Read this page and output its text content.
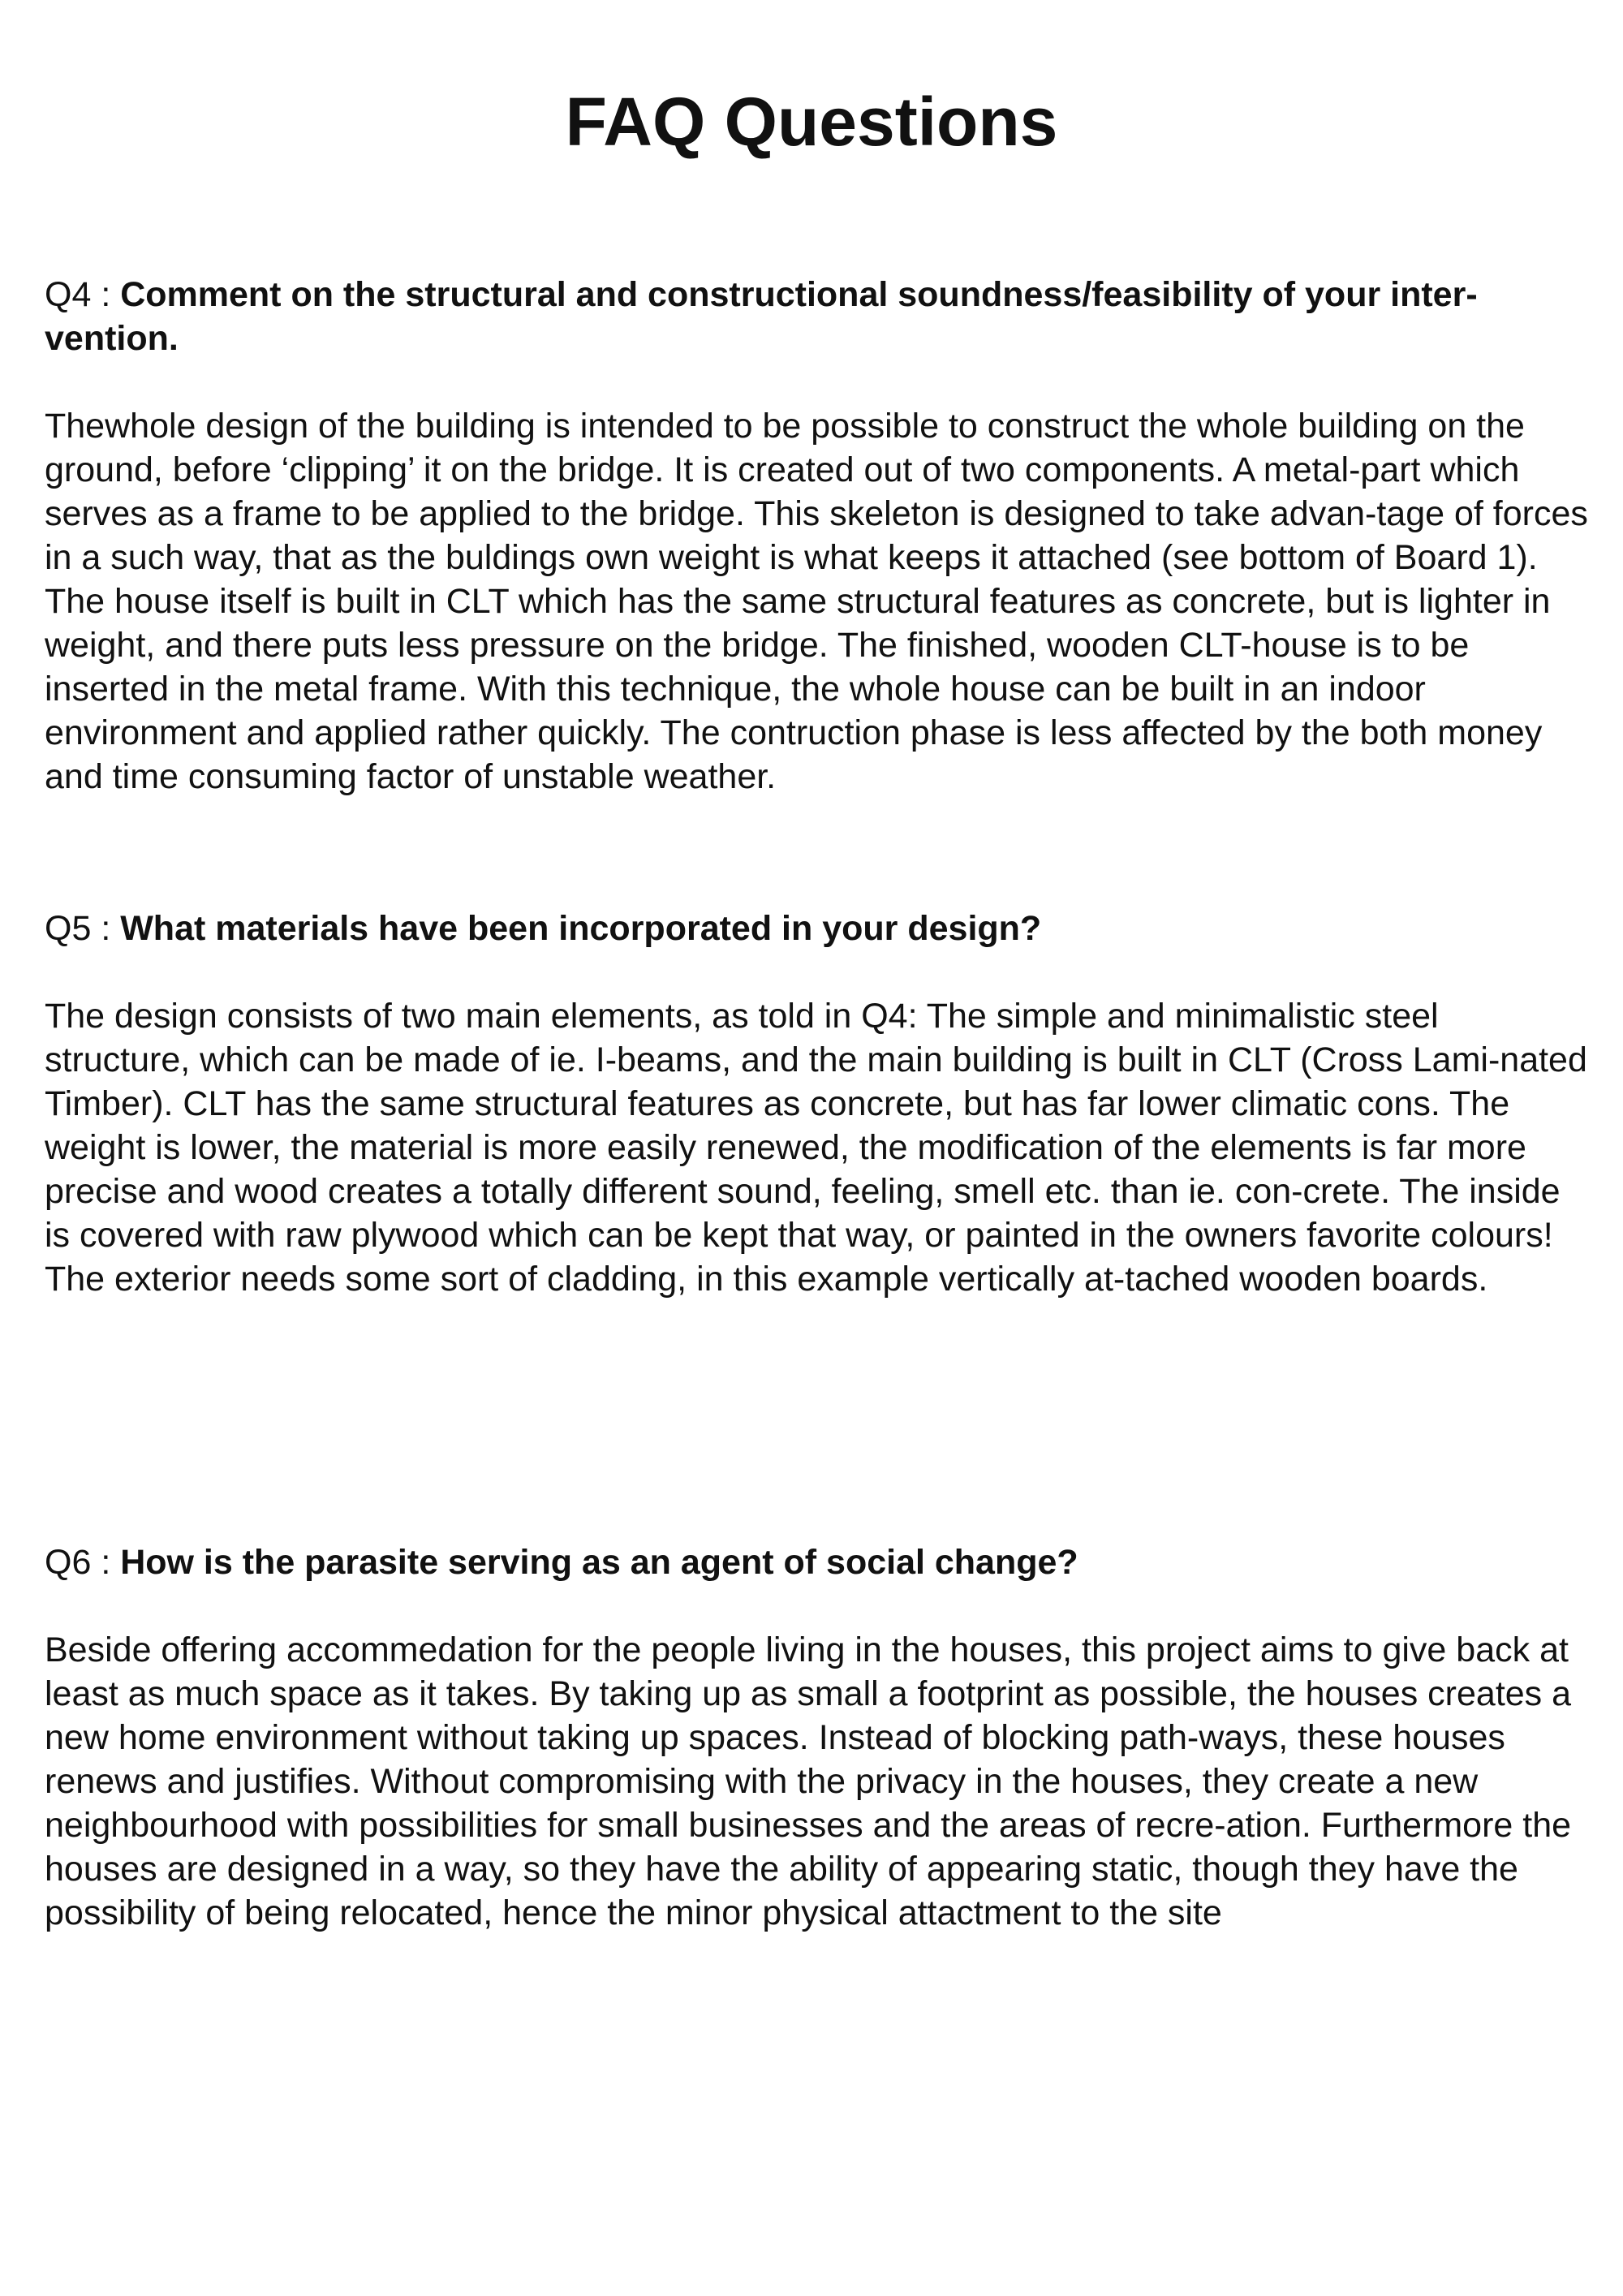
FAQ Questions

Q4 : Comment on the structural and constructional soundness/feasibility of your inter-vention.

Thewhole design of the building is intended to be possible to construct the whole building on the ground, before ‘clipping’ it on the bridge. It is created out of two components. A metal-part which serves as a frame to be applied to the bridge. This skeleton is designed to take advan-tage of forces in a such way, that as the buldings own weight is what keeps it attached (see bottom of Board 1). The house itself is built in CLT which has the same structural features as concrete, but is lighter in weight, and there puts less pressure on the bridge. The finished, wooden CLT-house is to be inserted in the metal frame. With this technique, the whole house can be built in an indoor environment and applied rather quickly. The contruction phase is less affected by the both money and time consuming factor of unstable weather.

Q5 : What materials have been incorporated in your design?

The design consists of two main elements, as told in Q4: The simple and minimalistic steel structure, which can be made of ie. I-beams, and the main building is built in CLT (Cross Lami-nated Timber). CLT has the same structural features as concrete, but has far lower climatic cons. The weight is lower, the material is more easily renewed, the modification of the elements is far more precise and wood creates a totally different sound, feeling, smell etc. than ie. con-crete. The inside is covered with raw plywood which can be kept that way, or painted in the owners favorite colours! The exterior needs some sort of cladding, in this example vertically at-tached wooden boards.

Q6 : How is the parasite serving as an agent of social change?

Beside offering accommedation for the people living in the houses, this project aims to give back at least as much space as it takes. By taking up as small a footprint as possible, the houses creates a new home environment without taking up spaces. Instead of blocking path-ways, these houses renews and justifies. Without compromising with the privacy in the houses, they create a new neighbourhood with possibilities for small businesses and the areas of recre-ation. Furthermore the houses are designed in a way, so they have the ability of appearing static, though they have the possibility of being relocated, hence the minor physical attactment to the site
